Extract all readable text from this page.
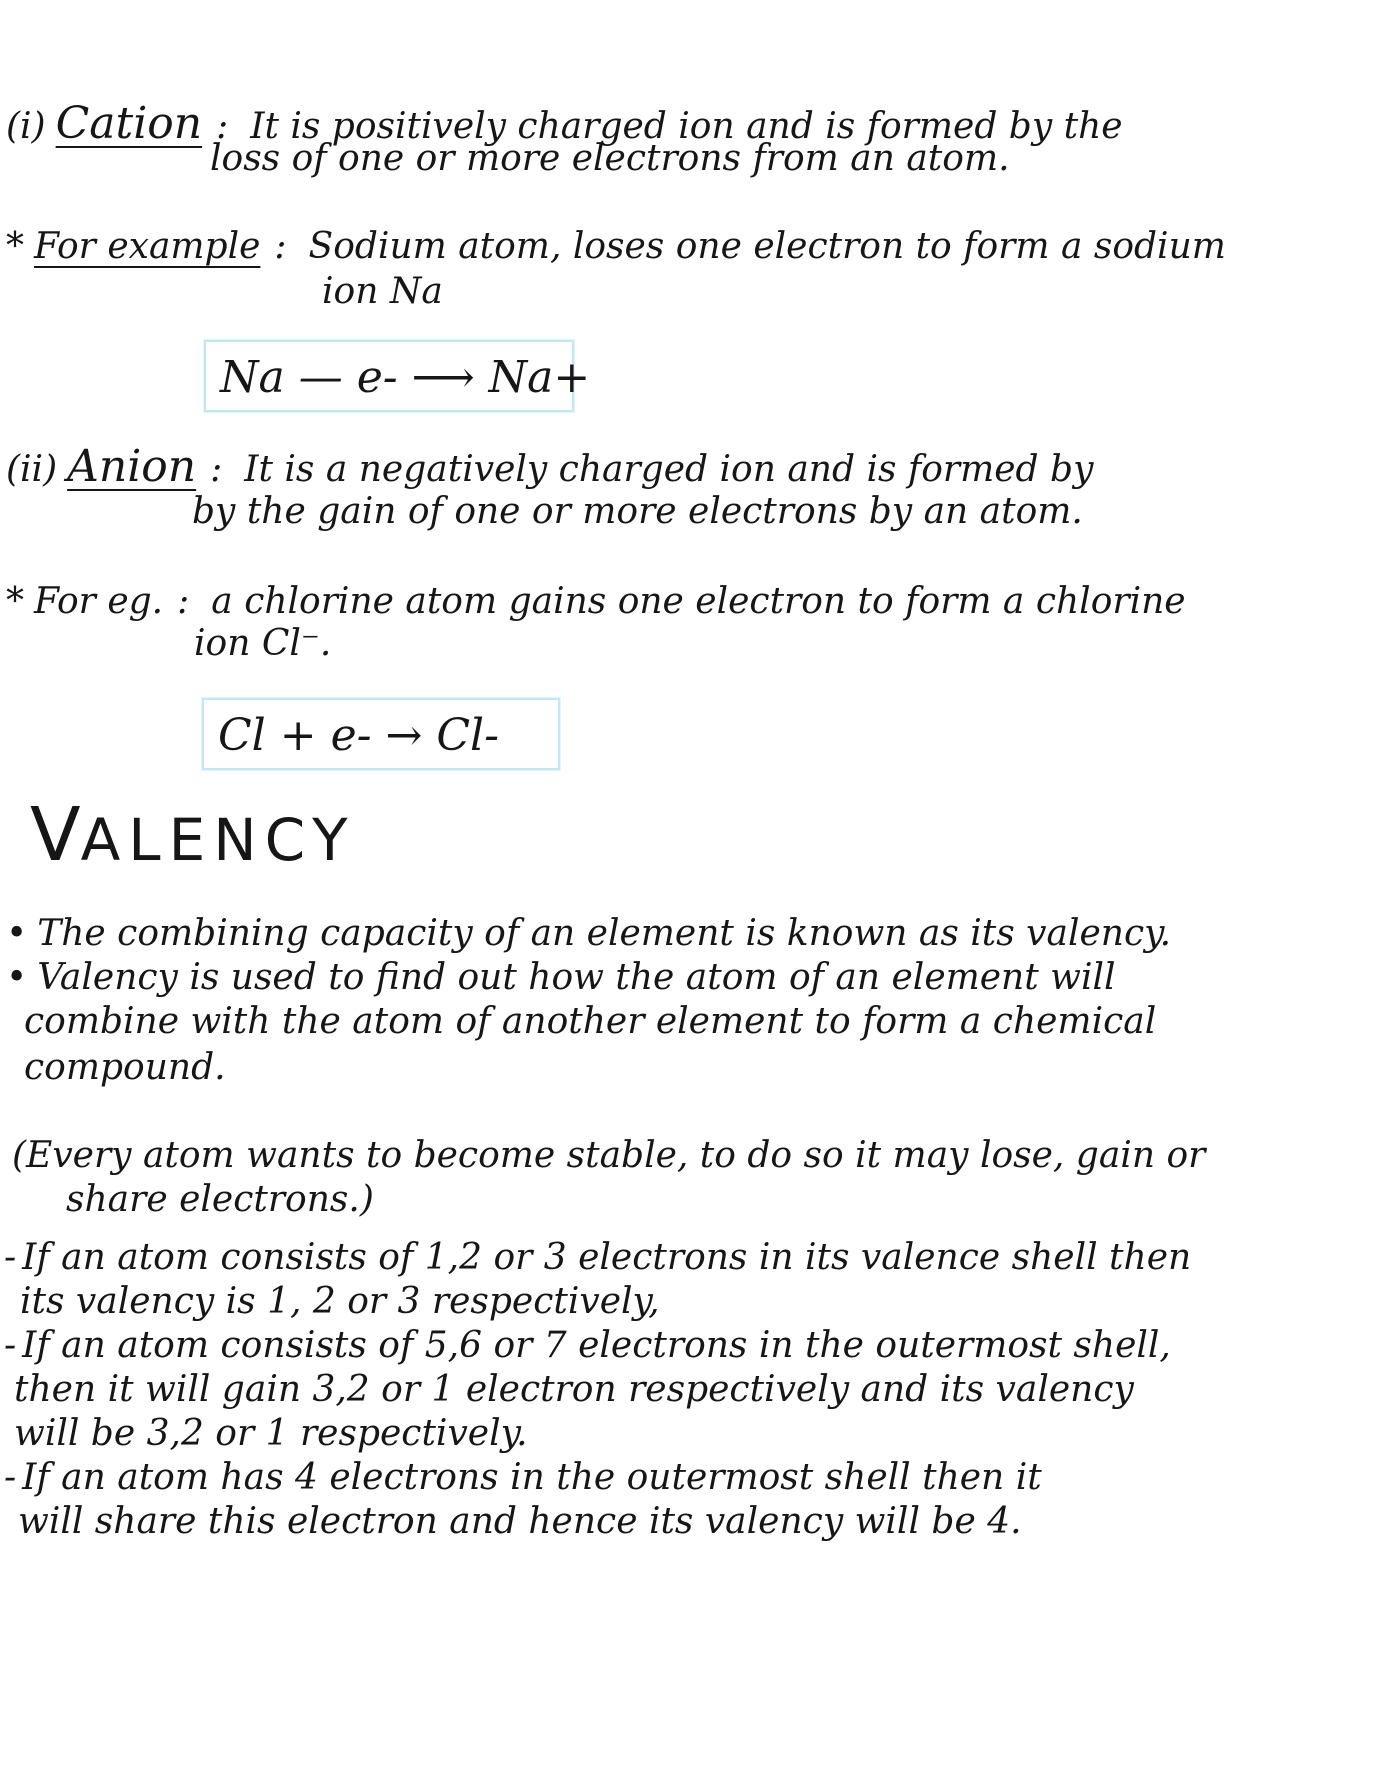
(i) Cation : It is positively charged ion and is formed by the
loss of one or more electrons from an atom.
* For example : Sodium atom, loses one electron to form a sodium
ion Na
Na — e- ⟶ Na+
(ii) Anion : It is a negatively charged ion and is formed by
by the gain of one or more electrons by an atom.
* For eg. : a chlorine atom gains one electron to form a chlorine
ion Cl⁻.
Cl + e- → Cl-
VALENCY
• The combining capacity of an element is known as its valency.
• Valency is used to find out how the atom of an element will
combine with the atom of another element to form a chemical
compound.
(Every atom wants to become stable, to do so it may lose, gain or
share electrons.)
- If an atom consists of 1,2 or 3 electrons in its valence shell then
its valency is 1, 2 or 3 respectively,
- If an atom consists of 5,6 or 7 electrons in the outermost shell,
then it will gain 3,2 or 1 electron respectively and its valency
will be 3,2 or 1 respectively.
- If an atom has 4 electrons in the outermost shell then it
will share this electron and hence its valency will be 4.
